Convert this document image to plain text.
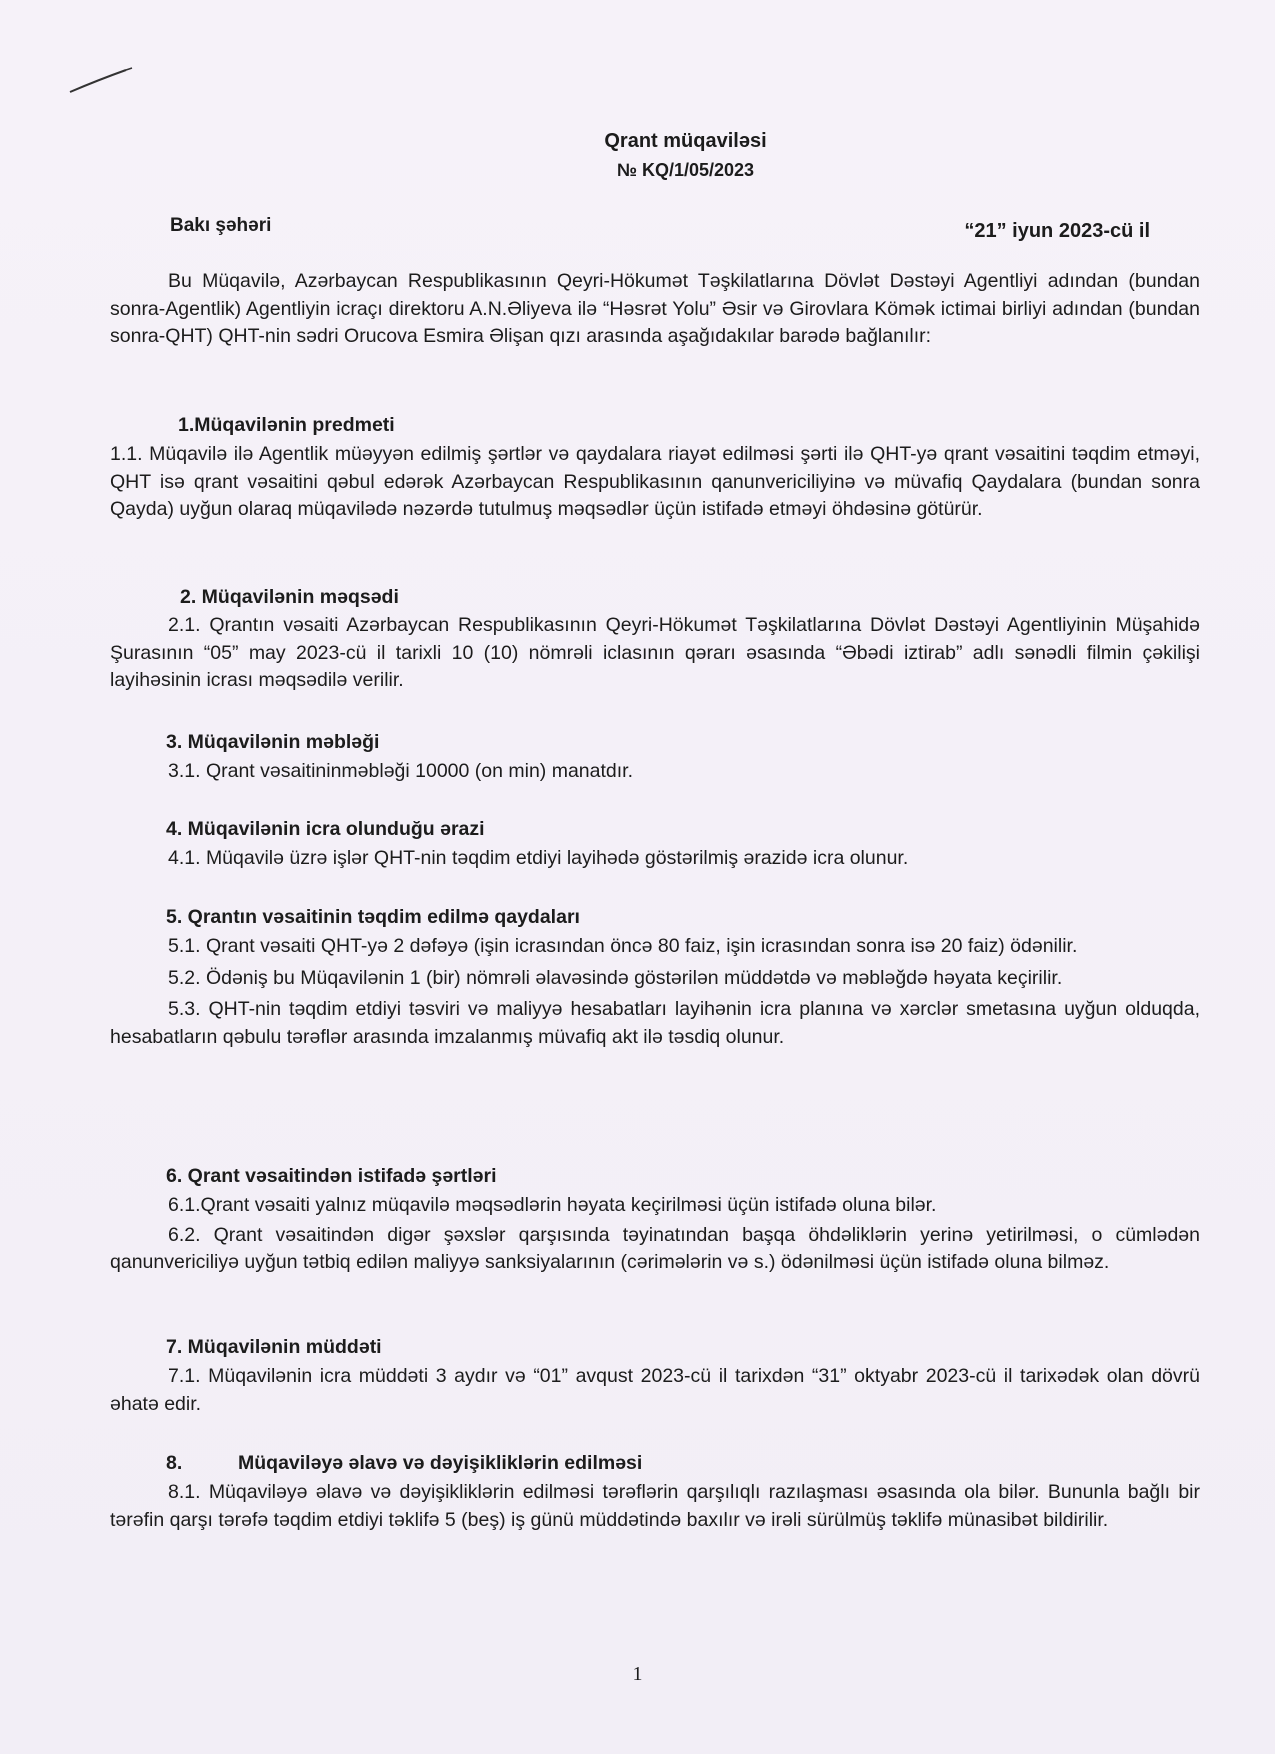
Qrant müqaviləsi
№ KQ/1/05/2023
Bakı şəhəri	“21” iyun 2023-cü il

Bu Müqavilə, Azərbaycan Respublikasının Qeyri-Hökumət Təşkilatlarına Dövlət Dəstəyi Agentliyi adından (bundan sonra-Agentlik) Agentliyin icraçı direktoru A.N.Əliyeva ilə “Həsrət Yolu” Əsir və Girovlara Kömək ictimai birliyi adından (bundan sonra-QHT) QHT-nin sədri Orucova Esmira Əlişan qızı arasında aşağıdakılar barədə bağlanılır:

1.Müqavilənin predmeti

1.1. Müqavilə ilə Agentlik müəyyən edilmiş şərtlər və qaydalara riayət edilməsi şərti ilə QHT-yə qrant vəsaitini təqdim etməyi, QHT isə qrant vəsaitini qəbul edərək Azərbaycan Respublikasının qanunvericiliyinə və müvafiq Qaydalara (bundan sonra Qayda) uyğun olaraq müqavilədə nəzərdə tutulmuş məqsədlər üçün istifadə etməyi öhdəsinə götürür.

2. Müqavilənin məqsədi

2.1. Qrantın vəsaiti Azərbaycan Respublikasının Qeyri-Hökumət Təşkilatlarına Dövlət Dəstəyi Agentliyinin Müşahidə Şurasının “05” may 2023-cü il tarixli 10 (10) nömrəli iclasının qərarı əsasında “Əbədi iztirab” adlı sənədli filmin çəkilişi layihəsinin icrası məqsədilə verilir.

3. Müqavilənin məbləği

3.1. Qrant vəsaitininməbləği 10000 (on min) manatdır.

4. Müqavilənin icra olunduğu ərazi

4.1. Müqavilə üzrə işlər QHT-nin təqdim etdiyi layihədə göstərilmiş ərazidə icra olunur.

5. Qrantın vəsaitinin təqdim edilmə qaydaları

5.1. Qrant vəsaiti QHT-yə 2 dəfəyə (işin icrasından öncə 80 faiz, işin icrasından sonra isə 20 faiz) ödənilir.

5.2. Ödəniş bu Müqavilənin 1 (bir) nömrəli əlavəsində göstərilən müddətdə və məbləğdə həyata keçirilir.

5.3. QHT-nin təqdim etdiyi təsviri və maliyyə hesabatları layihənin icra planına və xərclər smetasına uyğun olduqda, hesabatların qəbulu tərəflər arasında imzalanmış müvafiq akt ilə təsdiq olunur.

6. Qrant vəsaitindən istifadə şərtləri

6.1.Qrant vəsaiti yalnız müqavilə məqsədlərin həyata keçirilməsi üçün istifadə oluna bilər.

6.2. Qrant vəsaitindən digər şəxslər qarşısında təyinatından başqa öhdəliklərin yerinə yetirilməsi, o cümlədən qanunvericiliyə uyğun tətbiq edilən maliyyə sanksiyalarının (cərimələrin və s.) ödənilməsi üçün istifadə oluna bilməz.

7. Müqavilənin müddəti

7.1. Müqavilənin icra müddəti 3 aydır və “01” avqust 2023-cü il tarixdən “31” oktyabr 2023-cü il tarixədək olan dövrü əhatə edir.

8.	Müqaviləyə əlavə və dəyişikliklərin edilməsi

8.1. Müqaviləyə əlavə və dəyişikliklərin edilməsi tərəflərin qarşılıqlı razılaşması əsasında ola bilər. Bununla bağlı bir tərəfin qarşı tərəfə təqdim etdiyi təklifə 5 (beş) iş günü müddətində baxılır və irəli sürülmüş təklifə münasibət bildirilir.

1
